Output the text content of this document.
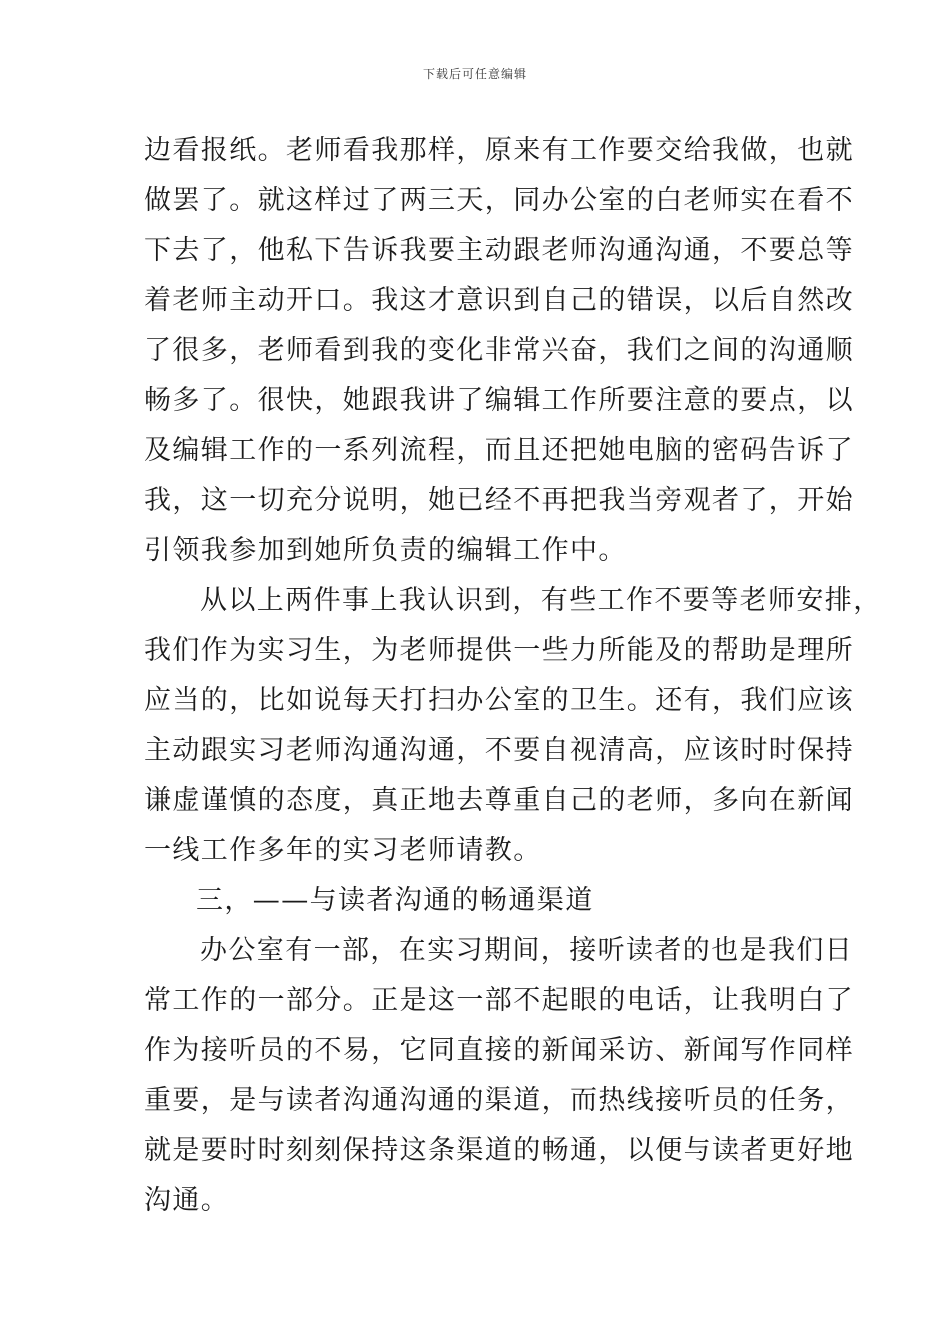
下载后可任意编辑
边看报纸。老师看我那样，原来有工作要交给我做，也就
做罢了。就这样过了两三天，同办公室的白老师实在看不
下去了，他私下告诉我要主动跟老师沟通沟通，不要总等
着老师主动开口。我这才意识到自己的错误，以后自然改
了很多，老师看到我的变化非常兴奋，我们之间的沟通顺
畅多了。很快，她跟我讲了编辑工作所要注意的要点，以
及编辑工作的一系列流程，而且还把她电脑的密码告诉了
我，这一切充分说明，她已经不再把我当旁观者了，开始
引领我参加到她所负责的编辑工作中。
从以上两件事上我认识到，有些工作不要等老师安排，
我们作为实习生，为老师提供一些力所能及的帮助是理所
应当的，比如说每天打扫办公室的卫生。还有，我们应该
主动跟实习老师沟通沟通，不要自视清高，应该时时保持
谦虚谨慎的态度，真正地去尊重自己的老师，多向在新闻
一线工作多年的实习老师请教。
三，——与读者沟通的畅通渠道
办公室有一部，在实习期间，接听读者的也是我们日
常工作的一部分。正是这一部不起眼的电话，让我明白了
作为接听员的不易，它同直接的新闻采访、新闻写作同样
重要，是与读者沟通沟通的渠道，而热线接听员的任务，
就是要时时刻刻保持这条渠道的畅通，以便与读者更好地
沟通。
